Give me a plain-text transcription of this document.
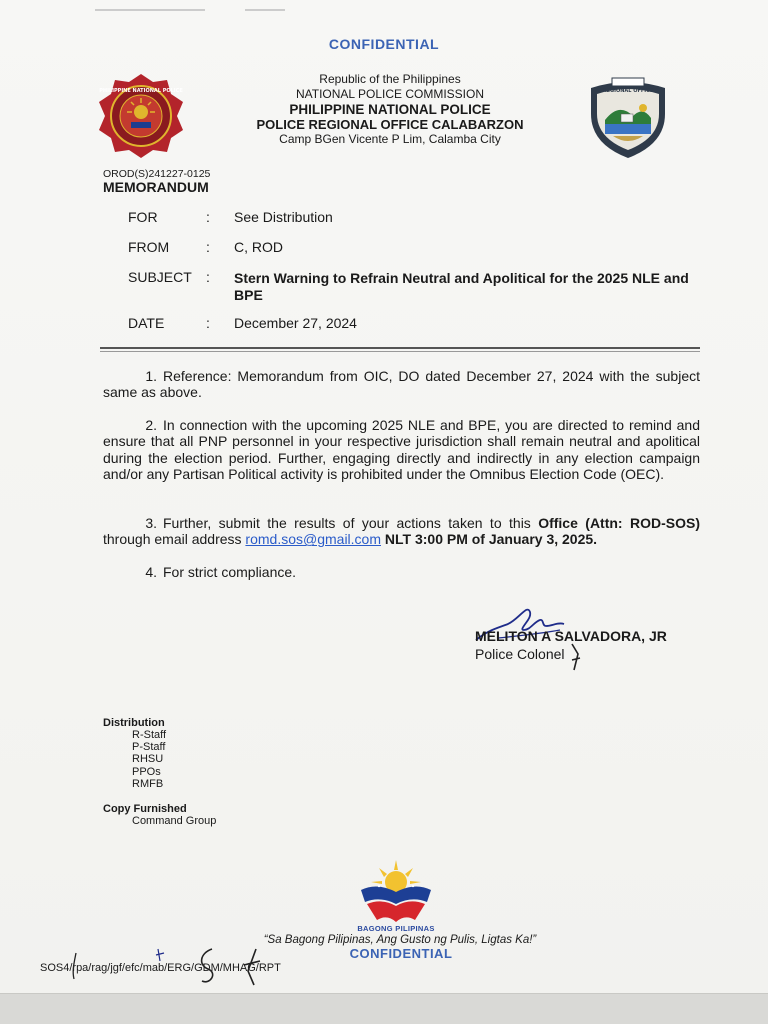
CONFIDENTIAL
PHILIPPINE NATIONAL POLICE
Republic of the Philippines
NATIONAL POLICE COMMISSION
PHILIPPINE NATIONAL POLICE
POLICE REGIONAL OFFICE CALABARZON
Camp BGen Vicente P Lim, Calamba City
REGIONAL OFFICE
OROD(S)241227-0125
MEMORANDUM
FOR	: See Distribution
FROM	: C, ROD
SUBJECT : Stern Warning to Refrain Neutral and Apolitical for the 2025 NLE and BPE
DATE	: December 27, 2024
1. Reference: Memorandum from OIC, DO dated December 27, 2024 with the subject same as above.
2. In connection with the upcoming 2025 NLE and BPE, you are directed to remind and ensure that all PNP personnel in your respective jurisdiction shall remain neutral and apolitical during the election period. Further, engaging directly and indirectly in any election campaign and/or any Partisan Political activity is prohibited under the Omnibus Election Code (OEC).
3. Further, submit the results of your actions taken to this Office (Attn: ROD-SOS) through email address romd.sos@gmail.com NLT 3:00 PM of January 3, 2025.
4. For strict compliance.
MELITON A SALVADORA, JR
Police Colonel
Distribution
R-Staff
P-Staff
RHSU
PPOs
RMFB
Copy Furnished
Command Group
BAGONG PILIPINAS
“Sa Bagong Pilipinas, Ang Gusto ng Pulis, Ligtas Ka!”
CONFIDENTIAL
SOS4/rpa/rag/jgf/efc/mab/ERG/GDM/MHAG/RPT
